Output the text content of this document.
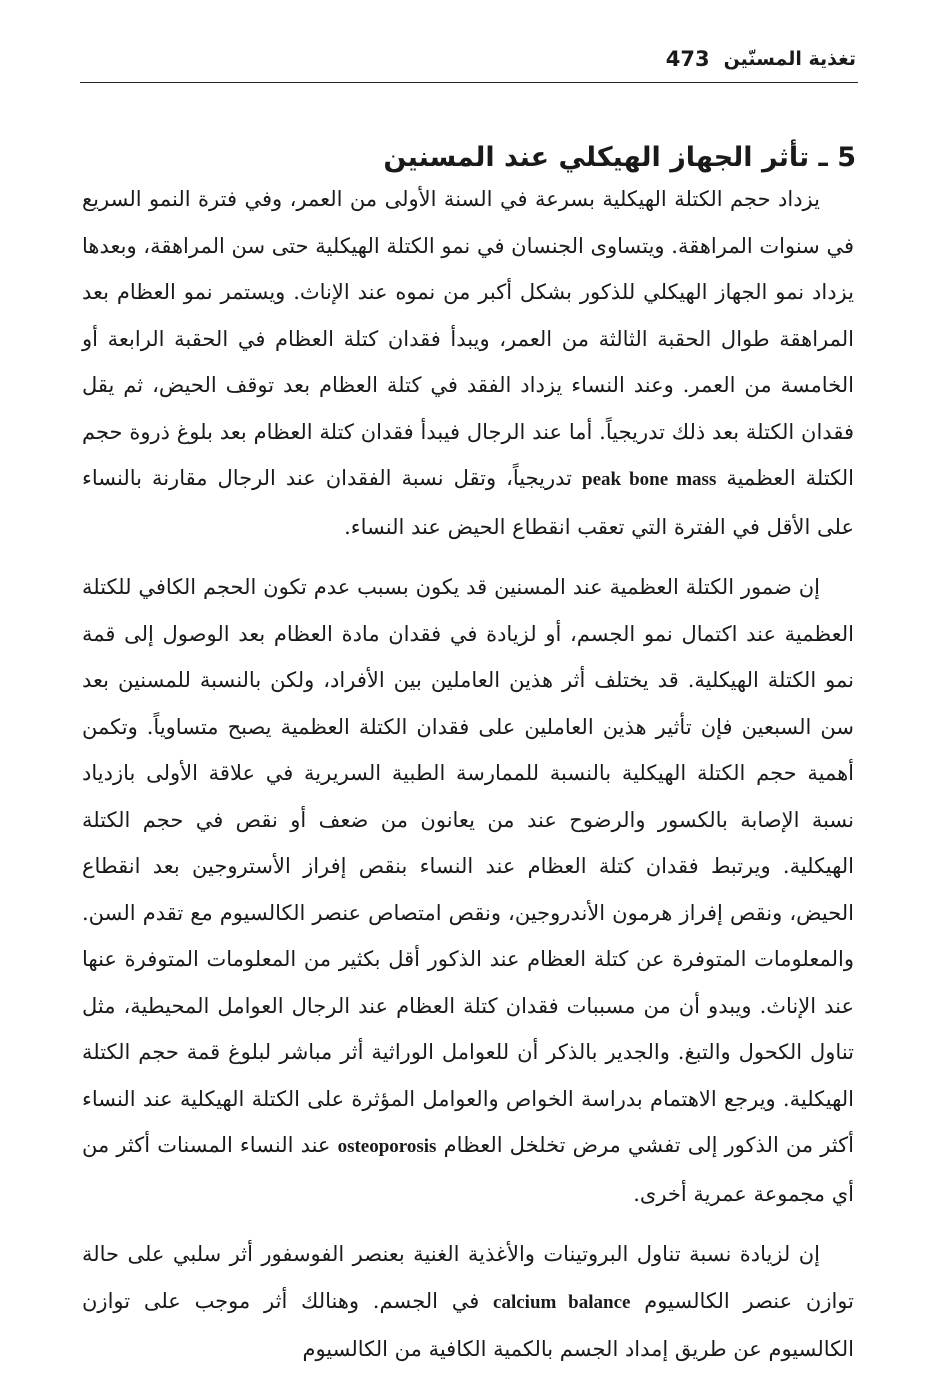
تغذية المسنّين
473
5 ـ تأثر الجهاز الهيكلي عند المسنين

يزداد حجم الكتلة الهيكلية بسرعة في السنة الأولى من العمر، وفي فترة النمو السريع في سنوات المراهقة. ويتساوى الجنسان في نمو الكتلة الهيكلية حتى سن المراهقة، وبعدها يزداد نمو الجهاز الهيكلي للذكور بشكل أكبر من نموه عند الإناث. ويستمر نمو العظام بعد المراهقة طوال الحقبة الثالثة من العمر، ويبدأ فقدان كتلة العظام في الحقبة الرابعة أو الخامسة من العمر. وعند النساء يزداد الفقد في كتلة العظام بعد توقف الحيض، ثم يقل فقدان الكتلة بعد ذلك تدريجياً. أما عند الرجال فيبدأ فقدان كتلة العظام بعد بلوغ ذروة حجم الكتلة العظمية peak bone mass تدريجياً، وتقل نسبة الفقدان عند الرجال مقارنة بالنساء على الأقل في الفترة التي تعقب انقطاع الحيض عند النساء.

إن ضمور الكتلة العظمية عند المسنين قد يكون بسبب عدم تكون الحجم الكافي للكتلة العظمية عند اكتمال نمو الجسم، أو لزيادة في فقدان مادة العظام بعد الوصول إلى قمة نمو الكتلة الهيكلية. قد يختلف أثر هذين العاملين بين الأفراد، ولكن بالنسبة للمسنين بعد سن السبعين فإن تأثير هذين العاملين على فقدان الكتلة العظمية يصبح متساوياً. وتكمن أهمية حجم الكتلة الهيكلية بالنسبة للممارسة الطبية السريرية في علاقة الأولى بازدياد نسبة الإصابة بالكسور والرضوح عند من يعانون من ضعف أو نقص في حجم الكتلة الهيكلية. ويرتبط فقدان كتلة العظام عند النساء بنقص إفراز الأستروجين بعد انقطاع الحيض، ونقص إفراز هرمون الأندروجين، ونقص امتصاص عنصر الكالسيوم مع تقدم السن. والمعلومات المتوفرة عن كتلة العظام عند الذكور أقل بكثير من المعلومات المتوفرة عنها عند الإناث. ويبدو أن من مسببات فقدان كتلة العظام عند الرجال العوامل المحيطية، مثل تناول الكحول والتبغ. والجدير بالذكر أن للعوامل الوراثية أثر مباشر لبلوغ قمة حجم الكتلة الهيكلية. ويرجع الاهتمام بدراسة الخواص والعوامل المؤثرة على الكتلة الهيكلية عند النساء أكثر من الذكور إلى تفشي مرض تخلخل العظام osteoporosis عند النساء المسنات أكثر من أي مجموعة عمرية أخرى.

إن لزيادة نسبة تناول البروتينات والأغذية الغنية بعنصر الفوسفور أثر سلبي على حالة توازن عنصر الكالسيوم calcium balance في الجسم. وهنالك أثر موجب على توازن الكالسيوم عن طريق إمداد الجسم بالكمية الكافية من الكالسيوم
